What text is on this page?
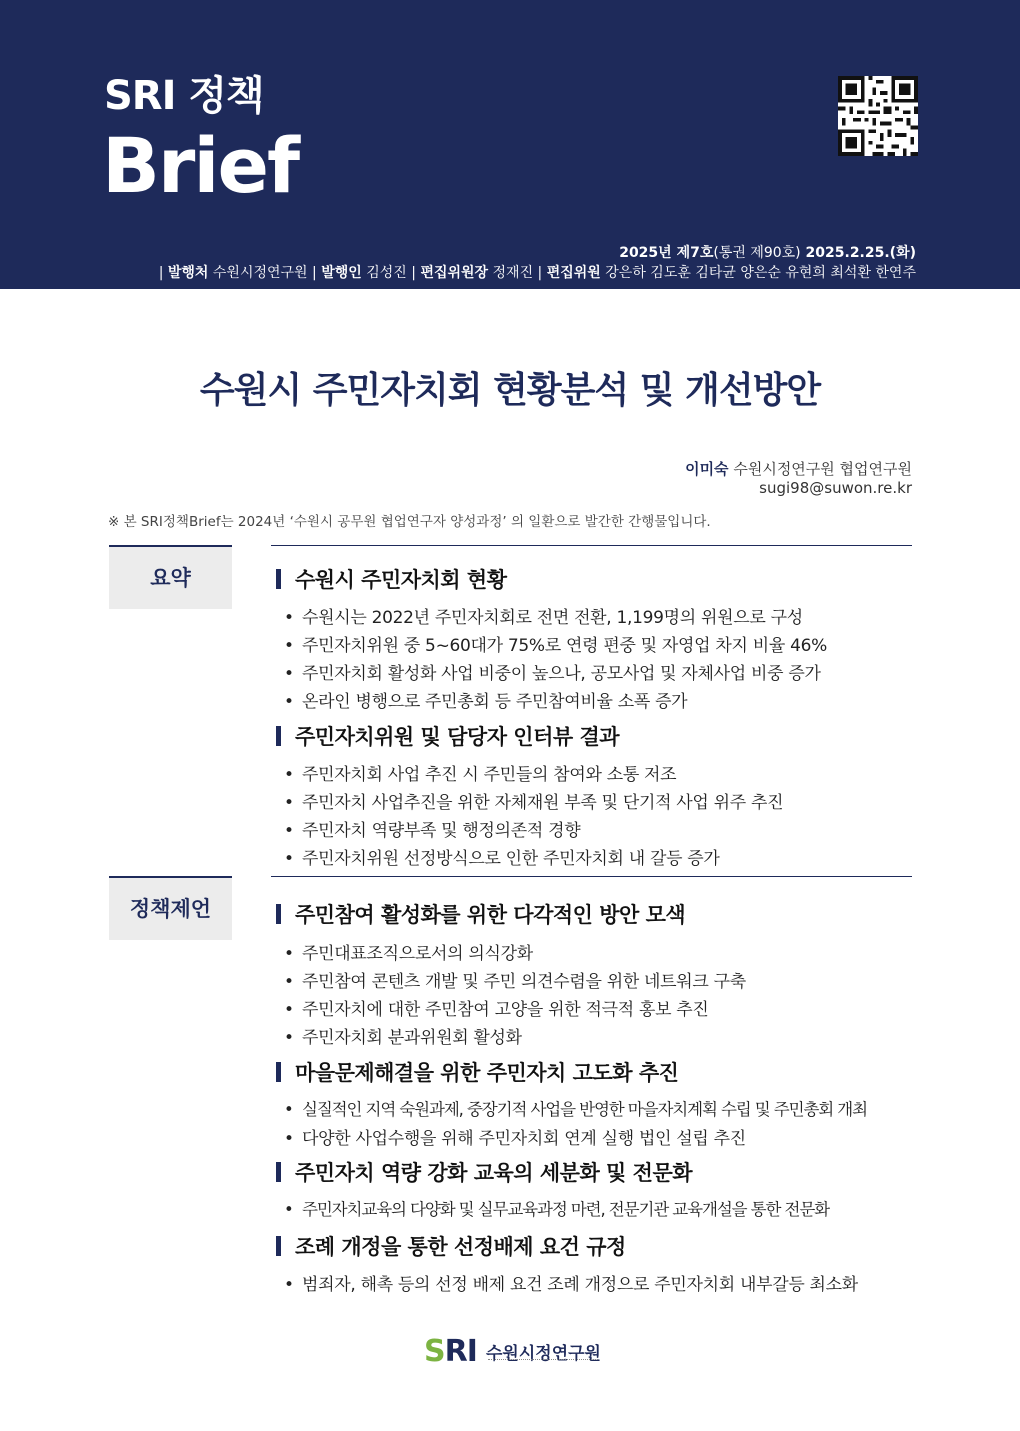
SRI 정책
Brief
2025년 제7호(통권 제90호) 2025.2.25.(화)
| 발행처 수원시정연구원 | 발행인 김성진 | 편집위원장 정재진 | 편집위원 강은하 김도훈 김타균 양은순 유현희 최석환 한연주
수원시 주민자치회 현황분석 및 개선방안
이미숙 수원시정연구원 협업연구원
sugi98@suwon.re.kr
※ 본 SRI정책Brief는 2024년 ‘수원시 공무원 협업연구자 양성과정’ 의 일환으로 발간한 간행물입니다.
요약	수원시 주민자치회 현황
• 수원시는 2022년 주민자치회로 전면 전환, 1,199명의 위원으로 구성
• 주민자치위원 중 5~60대가 75%로 연령 편중 및 자영업 차지 비율 46%
• 주민자치회 활성화 사업 비중이 높으나, 공모사업 및 자체사업 비중 증가
• 온라인 병행으로 주민총회 등 주민참여비율 소폭 증가
주민자치위원 및 담당자 인터뷰 결과
• 주민자치회 사업 추진 시 주민들의 참여와 소통 저조
• 주민자치 사업추진을 위한 자체재원 부족 및 단기적 사업 위주 추진
• 주민자치 역량부족 및 행정의존적 경향
• 주민자치위원 선정방식으로 인한 주민자치회 내 갈등 증가
정책제언	주민참여 활성화를 위한 다각적인 방안 모색
• 주민대표조직으로서의 의식강화
• 주민참여 콘텐츠 개발 및 주민 의견수렴을 위한 네트워크 구축
• 주민자치에 대한 주민참여 고양을 위한 적극적 홍보 추진
• 주민자치회 분과위원회 활성화
마을문제해결을 위한 주민자치 고도화 추진
• 실질적인 지역 숙원과제, 중장기적 사업을 반영한 마을자치계획 수립 및 주민총회 개최
• 다양한 사업수행을 위해 주민자치회 연계 실행 법인 설립 추진
주민자치 역량 강화 교육의 세분화 및 전문화
• 주민자치교육의 다양화 및 실무교육과정 마련, 전문기관 교육개설을 통한 전문화
조례 개정을 통한 선정배제 요건 규정
• 범죄자, 해촉 등의 선정 배제 요건 조례 개정으로 주민자치회 내부갈등 최소화
SRI 수원시정연구원
